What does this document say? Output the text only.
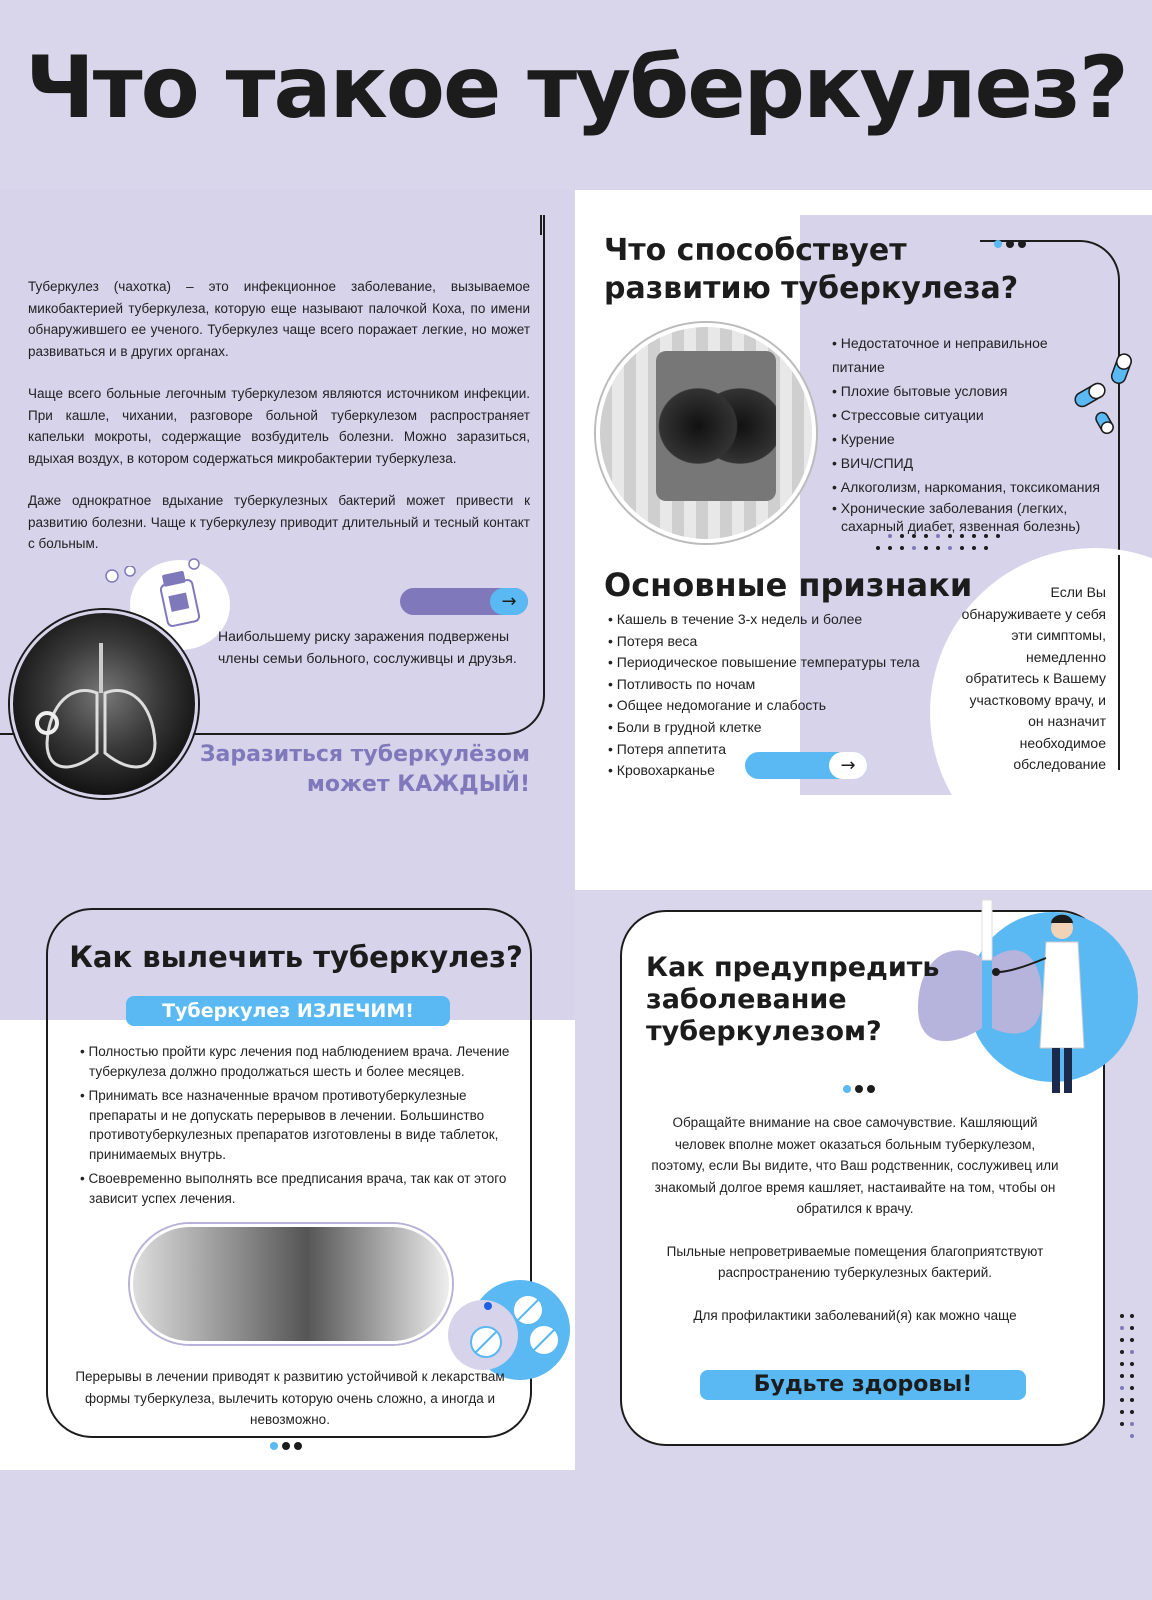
Что такое туберкулез?

Туберкулез (чахотка) – это инфекционное заболевание, вызываемое микобактерией туберкулеза, которую еще называют палочкой Коха, по имени обнаружившего ее ученого. Туберкулез чаще всего поражает легкие, но может развиваться и в других органах.

Чаще всего больные легочным туберкулезом являются источником инфекции. При кашле, чихании, разговоре больной туберкулезом распространяет капельки мокроты, содержащие возбудитель болезни. Можно заразиться, вдыхая воздух, в котором содержаться микробактерии туберкулеза.

Даже однократное вдыхание туберкулезных бактерий может привести к развитию болезни. Чаще к туберкулезу приводит длительный и тесный контакт с больным.

→
Наибольшему риску заражения подвержены члены семьи больного, сослуживцы и друзья.
Заразиться туберкулёзом
может КАЖДЫЙ!
Что способствует развитию туберкулеза?
• Недостаточное и неправильное питание
• Плохие бытовые условия
• Стрессовые ситуации
• Курение
• ВИЧ/СПИД
• Алкоголизм, наркомания, токсикомания
• Хронические заболевания (легких, сахарный диабет, язвенная болезнь)
Основные признаки
• Кашель в течение 3-х недель и более
• Потеря веса
• Периодическое повышение температуры тела
• Потливость по ночам
• Общее недомогание и слабость
• Боли в грудной клетке
• Потеря аппетита
• Кровохарканье	→
Если Вы обнаруживаете у себя эти симптомы, немедленно обратитесь к Вашему участковому врачу, и он назначит необходимое обследование
Как вылечить туберкулез?
Туберкулез ИЗЛЕЧИМ!
• Полностью пройти курс лечения под наблюдением врача. Лечение туберкулеза должно продолжаться шесть и более месяцев.
• Принимать все назначенные врачом противотуберкулезные препараты и не допускать перерывов в лечении. Большинство противотуберкулезных препаратов изготовлены в виде таблеток, принимаемых внутрь.
• Своевременно выполнять все предписания врача, так как от этого зависит успех лечения.
Перерывы в лечении приводят к развитию устойчивой к лекарствам формы туберкулеза, вылечить которую очень сложно, а иногда и невозможно.
Как предупредить заболевание туберкулезом?

Обращайте внимание на свое самочувствие. Кашляющий человек вполне может оказаться больным туберкулезом, поэтому, если Вы видите, что Ваш родственник, сослуживец или знакомый долгое время кашляет, настаивайте на том, чтобы он обратился к врачу.

Пыльные непроветриваемые помещения благоприятствуют распространению туберкулезных бактерий.

Для профилактики заболеваний(я) как можно чаще

Будьте здоровы!
